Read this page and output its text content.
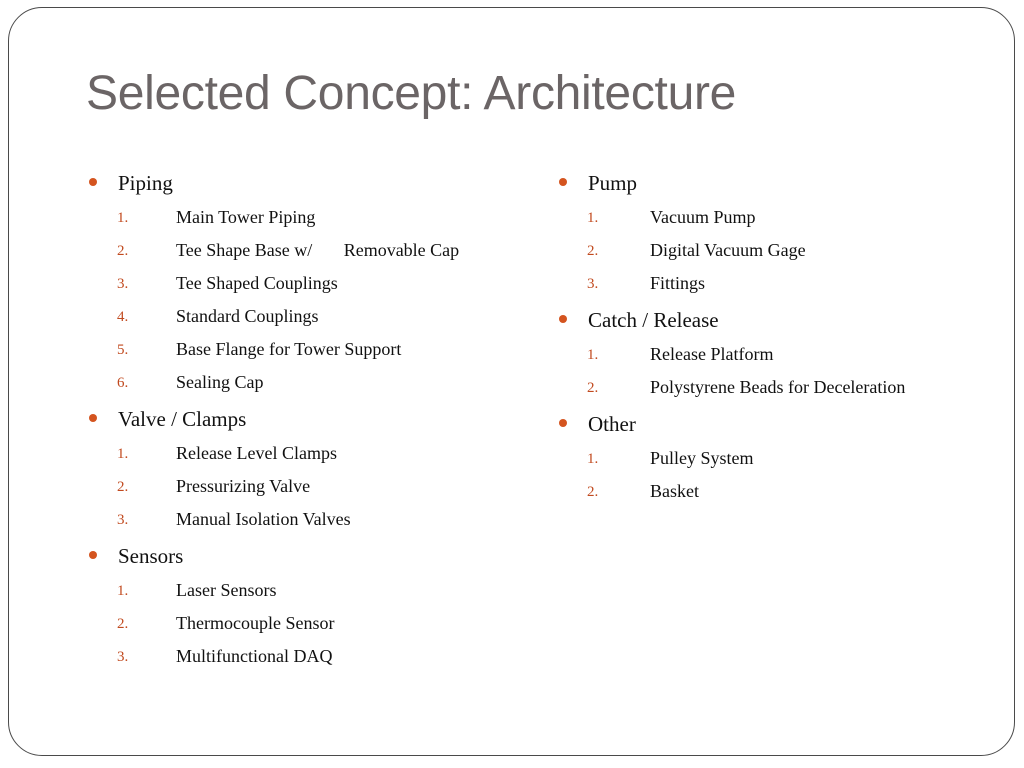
Selected Concept: Architecture
Piping
1.	Main Tower Piping
2.	Tee Shape Base w/       Removable Cap
3.	Tee Shaped Couplings
4.	Standard Couplings
5.	Base Flange for Tower Support
6.	Sealing Cap
Valve / Clamps
1.	Release Level Clamps
2.	Pressurizing Valve
3.	Manual Isolation Valves
Sensors
1.	Laser Sensors
2.	Thermocouple Sensor
3.	Multifunctional DAQ
Pump
1.	Vacuum Pump
2.	Digital Vacuum Gage
3.	Fittings
Catch / Release
1.	Release Platform
2.	Polystyrene Beads for Deceleration
Other
1.	Pulley System
2.	Basket
